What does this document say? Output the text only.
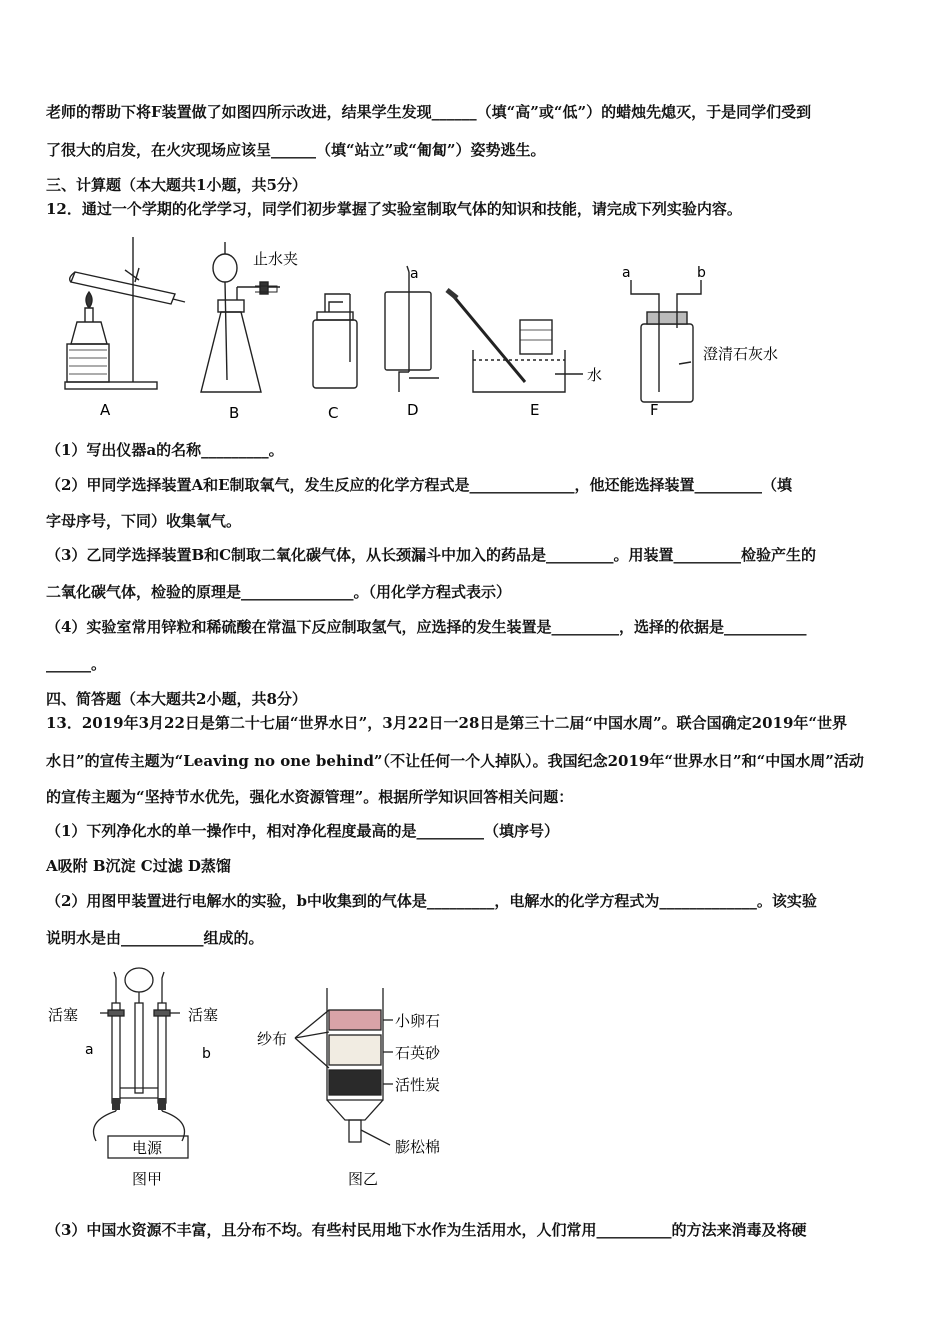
老师的帮助下将F装置做了如图四所示改进，结果学生发现______（填“高”或“低”）的蜡烛先熄灭，于是同学们受到
了很大的启发，在火灾现场应该呈______（填“站立”或“匍匐”）姿势逃生。
三、计算题（本大题共1小题，共5分）
12．通过一个学期的化学学习，同学们初步掌握了实验室制取气体的知识和技能，请完成下列实验内容。
A	B	C	D	E	F
止水夹
a
水
a	b
澄清石灰水
（1）写出仪器a的名称_________。
（2）甲同学选择装置A和E制取氧气，发生反应的化学方程式是______________，他还能选择装置_________（填
字母序号，下同）收集氧气。
（3）乙同学选择装置B和C制取二氧化碳气体，从长颈漏斗中加入的药品是_________。用装置_________检验产生的
二氧化碳气体，检验的原理是_______________。（用化学方程式表示）
（4）实验室常用锌粒和稀硫酸在常温下反应制取氢气，应选择的发生装置是_________，选择的依据是___________
______。
四、简答题（本大题共2小题，共8分）
13．2019年3月22日是第二十七届“世界水日”，3月22日一28日是第三十二届“中国水周”。联合国确定2019年“世界
水日”的宣传主题为“Leaving no one behind”（不让任何一个人掉队）。我国纪念2019年“世界水日”和“中国水周”活动
的宣传主题为“坚持节水优先，强化水资源管理”。根据所学知识回答相关问题：
（1）下列净化水的单一操作中，相对净化程度最高的是_________（填序号）
A吸附 B沉淀 C过滤 D蒸馏
（2）用图甲装置进行电解水的实验，b中收集到的气体是_________，电解水的化学方程式为_____________。该实验
说明水是由___________组成的。
活塞	活塞
a	b
电源
图甲
纱布
小卵石
石英砂
活性炭
膨松棉
图乙
（3）中国水资源不丰富，且分布不均。有些村民用地下水作为生活用水，人们常用__________的方法来消毒及将硬
